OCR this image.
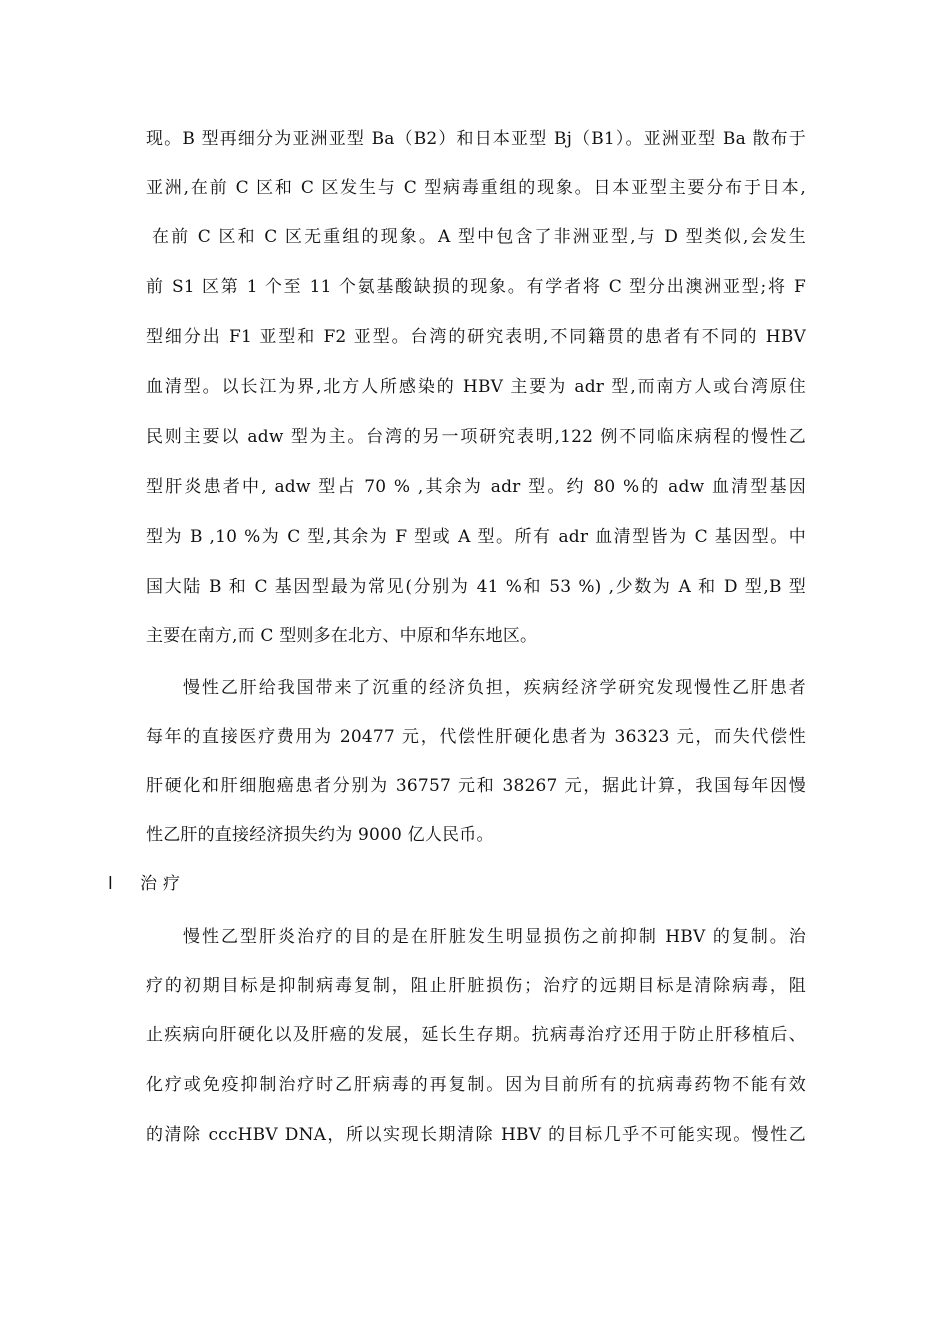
现。B 型再细分为亚洲亚型 Ba（B2）和日本亚型 Bj（B1）。亚洲亚型 Ba 散布于
亚洲,在前 C 区和 C 区发生与 C 型病毒重组的现象。日本亚型主要分布于日本,
在前 C 区和 C 区无重组的现象。A 型中包含了非洲亚型,与 D 型类似,会发生
前 S1 区第 1 个至 11 个氨基酸缺损的现象。有学者将 C 型分出澳洲亚型;将 F
型细分出 F1 亚型和 F2 亚型。台湾的研究表明,不同籍贯的患者有不同的 HBV
血清型。以长江为界,北方人所感染的 HBV 主要为 adr 型,而南方人或台湾原住
民则主要以 adw 型为主。台湾的另一项研究表明,122 例不同临床病程的慢性乙
型肝炎患者中, adw 型占 70 % ,其余为 adr 型。约 80 %的 adw 血清型基因
型为 B ,10 %为 C 型,其余为 F 型或 A 型。所有 adr 血清型皆为 C 基因型。中
国大陆 B 和 C 基因型最为常见(分别为 41 %和 53 %) ,少数为 A 和 D 型,B 型
主要在南方,而 C 型则多在北方、中原和华东地区。
慢性乙肝给我国带来了沉重的经济负担，疾病经济学研究发现慢性乙肝患者
每年的直接医疗费用为 20477 元，代偿性肝硬化患者为 36323 元，而失代偿性
肝硬化和肝细胞癌患者分别为 36757 元和 38267 元，据此计算，我国每年因慢
性乙肝的直接经济损失约为 9000 亿人民币。
l 治疗
慢性乙型肝炎治疗的目的是在肝脏发生明显损伤之前抑制 HBV 的复制。治
疗的初期目标是抑制病毒复制，阻止肝脏损伤；治疗的远期目标是清除病毒，阻
止疾病向肝硬化以及肝癌的发展，延长生存期。抗病毒治疗还用于防止肝移植后、
化疗或免疫抑制治疗时乙肝病毒的再复制。因为目前所有的抗病毒药物不能有效
的清除 cccHBV DNA，所以实现长期清除 HBV 的目标几乎不可能实现。慢性乙
